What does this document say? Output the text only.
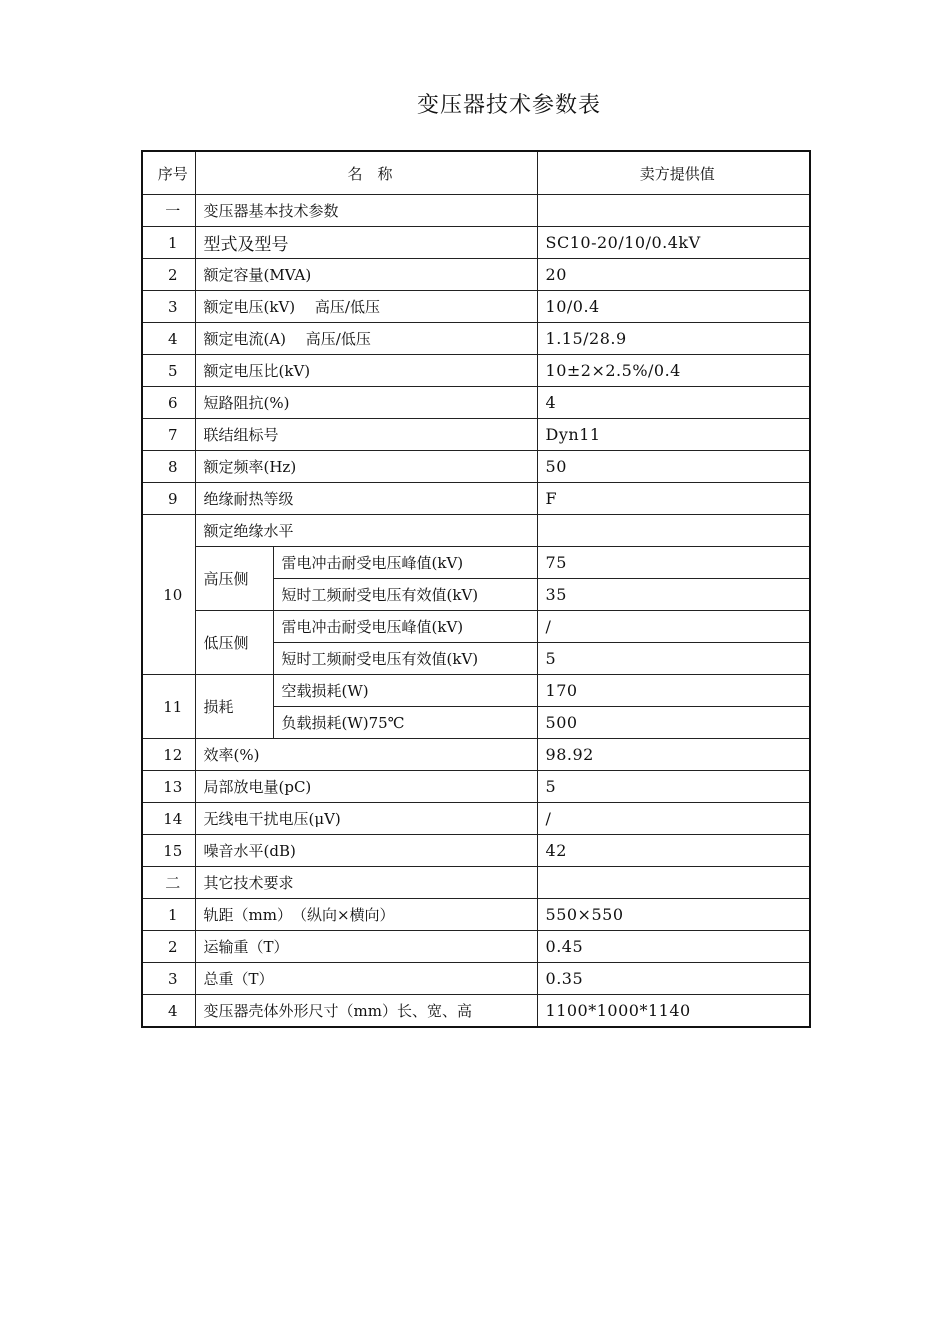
变压器技术参数表
序号	名　称		卖方提供值
一	变压器基本技术参数		
1	型式及型号		SC10-20/10/0.4kV
2	额定容量(MVA)		20
3	额定电压(kV)　 高压/低压		10/0.4
4	额定电流(A)　 高压/低压		1.15/28.9
5	额定电压比(kV)		10±2×2.5%/0.4
6	短路阻抗(%)		4
7	联结组标号		Dyn11
8	额定频率(Hz)		50
9	绝缘耐热等级		F
10	额定绝缘水平		
	高压侧	雷电冲击耐受电压峰值(kV)	75
		短时工频耐受电压有效值(kV)	35
	低压侧	雷电冲击耐受电压峰值(kV)	/
		短时工频耐受电压有效值(kV)	5
11	损耗	空载损耗(W)	170
		负载损耗(W)75℃	500
12	效率(%)		98.92
13	局部放电量(pC)		5
14	无线电干扰电压(μV)		/
15	噪音水平(dB)		42
二	其它技术要求		
1	轨距（mm）　（纵向×横向）		550×550
2	运输重（T）		0.45
3	总重（T）		0.35
4	变压器壳体外形尺寸（mm）长、宽、高		1100*1000*1140
